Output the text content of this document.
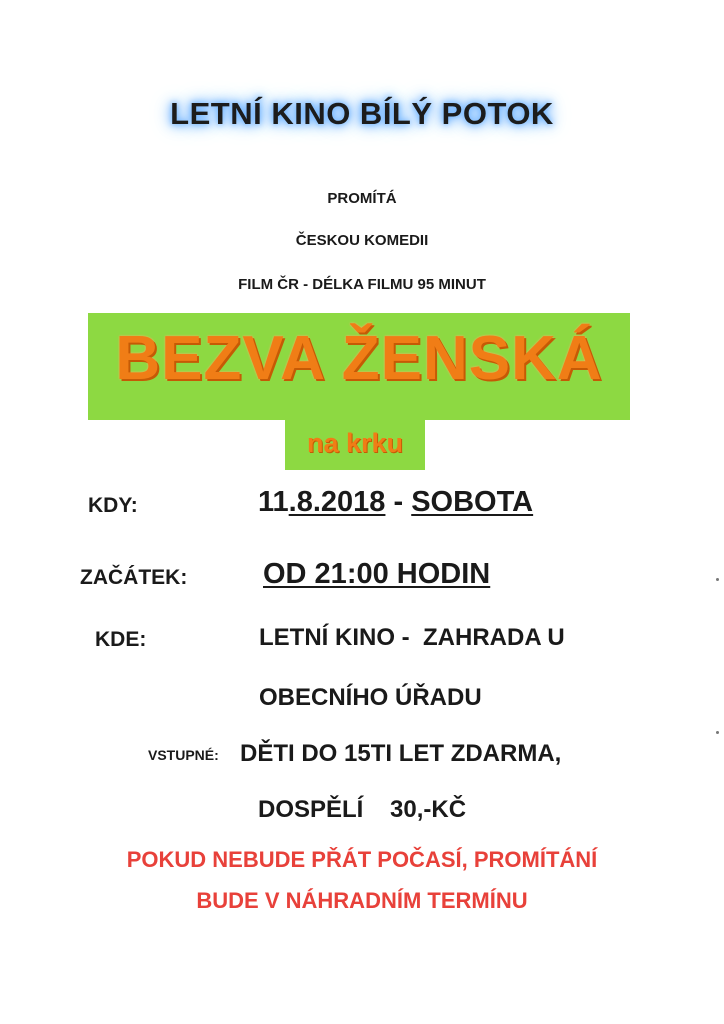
LETNÍ KINO BÍLÝ POTOK
PROMÍTÁ
ČESKOU KOMEDII
FILM ČR - DÉLKA FILMU 95 MINUT
BEZVA ŽENSKÁ
na krku
KDY:	11.8.2018 - SOBOTA
ZAČÁTEK:	OD 21:00 HODIN
KDE:	LETNÍ KINO -  ZAHRADA U
OBECNÍHO ÚŘADU
VSTUPNÉ: DĚTI DO 15TI LET ZDARMA,
DOSPĚLÍ    30,-KČ
POKUD NEBUDE PŘÁT POČASÍ, PROMÍTÁNÍ
BUDE V NÁHRADNÍM TERMÍNU
